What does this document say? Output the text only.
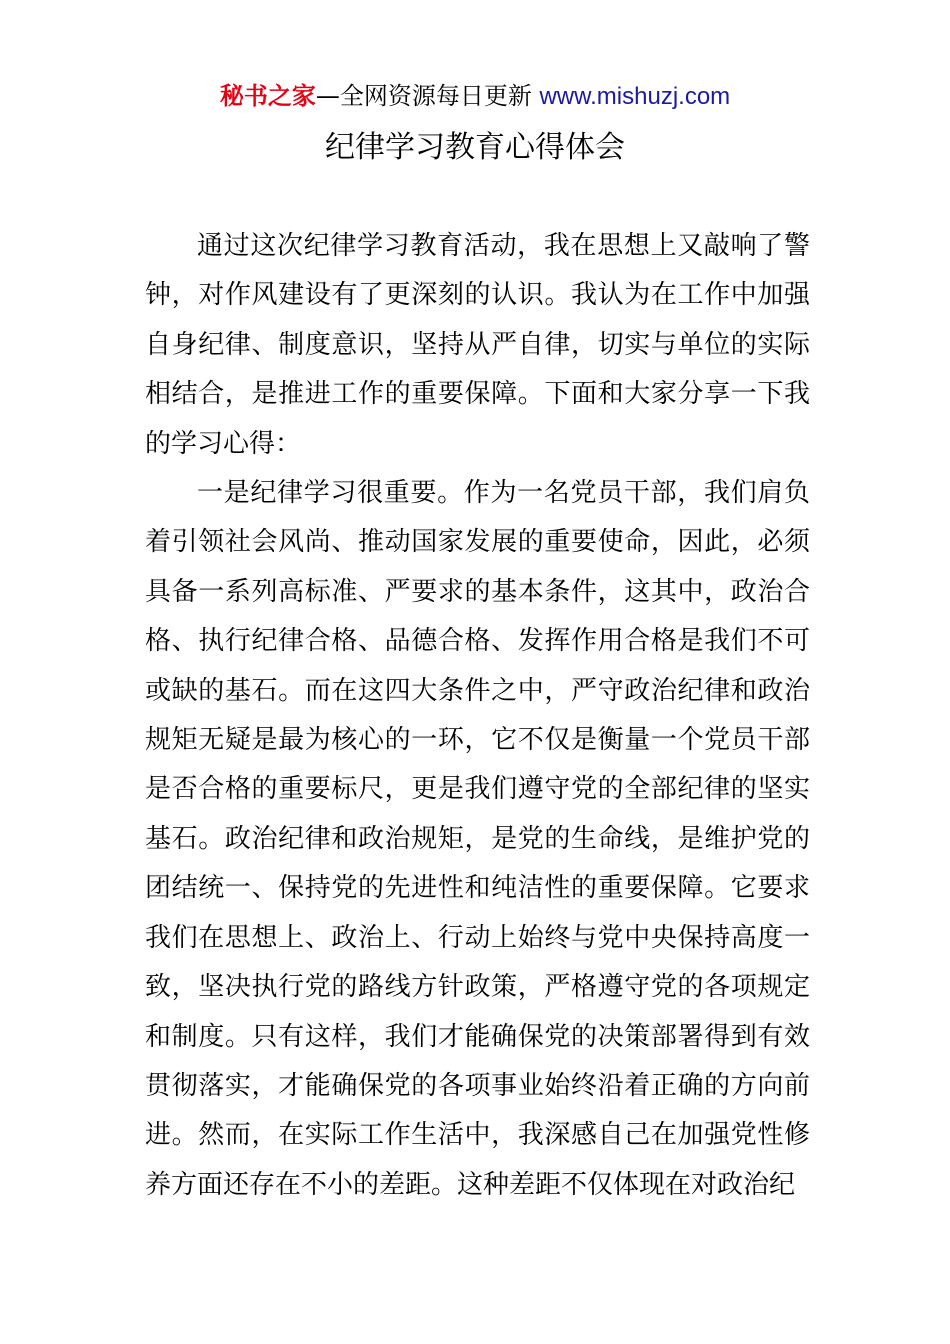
秘书之家—全网资源每日更新 www.mishuzj.com
纪律学习教育心得体会

通过这次纪律学习教育活动，我在思想上又敲响了警钟，对作风建设有了更深刻的认识。我认为在工作中加强自身纪律、制度意识，坚持从严自律，切实与单位的实际相结合，是推进工作的重要保障。下面和大家分享一下我的学习心得：

一是纪律学习很重要。作为一名党员干部，我们肩负着引领社会风尚、推动国家发展的重要使命，因此，必须具备一系列高标准、严要求的基本条件，这其中，政治合格、执行纪律合格、品德合格、发挥作用合格是我们不可或缺的基石。而在这四大条件之中，严守政治纪律和政治规矩无疑是最为核心的一环，它不仅是衡量一个党员干部是否合格的重要标尺，更是我们遵守党的全部纪律的坚实基石。政治纪律和政治规矩，是党的生命线，是维护党的团结统一、保持党的先进性和纯洁性的重要保障。它要求我们在思想上、政治上、行动上始终与党中央保持高度一致，坚决执行党的路线方针政策，严格遵守党的各项规定和制度。只有这样，我们才能确保党的决策部署得到有效贯彻落实，才能确保党的各项事业始终沿着正确的方向前进。然而，在实际工作生活中，我深感自己在加强党性修养方面还存在不小的差距。这种差距不仅体现在对政治纪
